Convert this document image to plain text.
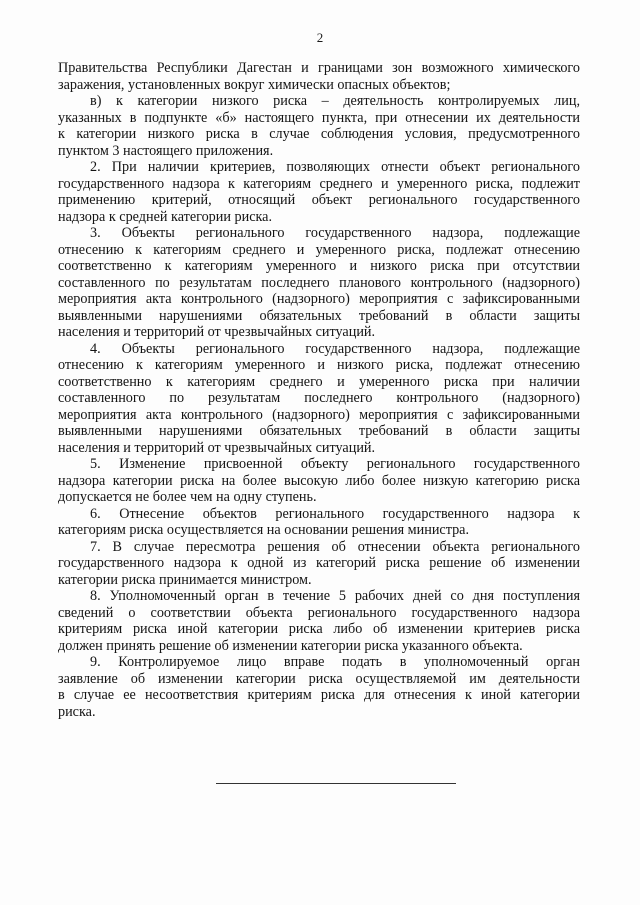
2
Правительства Республики Дагестан и границами зон возможного химического
заражения, установленных вокруг химически опасных объектов;
в) к категории низкого риска – деятельность контролируемых лиц,
указанных в подпункте «б» настоящего пункта, при отнесении их деятельности
к категории низкого риска в случае соблюдения условия, предусмотренного
пунктом 3 настоящего приложения.
2. При наличии критериев, позволяющих отнести объект регионального
государственного надзора к категориям среднего и умеренного риска, подлежит
применению критерий, относящий объект регионального государственного
надзора к средней категории риска.
3. Объекты регионального государственного надзора, подлежащие
отнесению к категориям среднего и умеренного риска, подлежат отнесению
соответственно к категориям умеренного и низкого риска при отсутствии
составленного по результатам последнего планового контрольного (надзорного)
мероприятия акта контрольного (надзорного) мероприятия с зафиксированными
выявленными нарушениями обязательных требований в области защиты
населения и территорий от чрезвычайных ситуаций.
4. Объекты регионального государственного надзора, подлежащие
отнесению к категориям умеренного и низкого риска, подлежат отнесению
соответственно к категориям среднего и умеренного риска при наличии
составленного по результатам последнего контрольного (надзорного)
мероприятия акта контрольного (надзорного) мероприятия с зафиксированными
выявленными нарушениями обязательных требований в области защиты
населения и территорий от чрезвычайных ситуаций.
5. Изменение присвоенной объекту регионального государственного
надзора категории риска на более высокую либо более низкую категорию риска
допускается не более чем на одну ступень.
6. Отнесение объектов регионального государственного надзора к
категориям риска осуществляется на основании решения министра.
7. В случае пересмотра решения об отнесении объекта регионального
государственного надзора к одной из категорий риска решение об изменении
категории риска принимается министром.
8. Уполномоченный орган в течение 5 рабочих дней со дня поступления
сведений о соответствии объекта регионального государственного надзора
критериям риска иной категории риска либо об изменении критериев риска
должен принять решение об изменении категории риска указанного объекта.
9. Контролируемое лицо вправе подать в уполномоченный орган
заявление об изменении категории риска осуществляемой им деятельности
в случае ее несоответствия критериям риска для отнесения к иной категории
риска.
